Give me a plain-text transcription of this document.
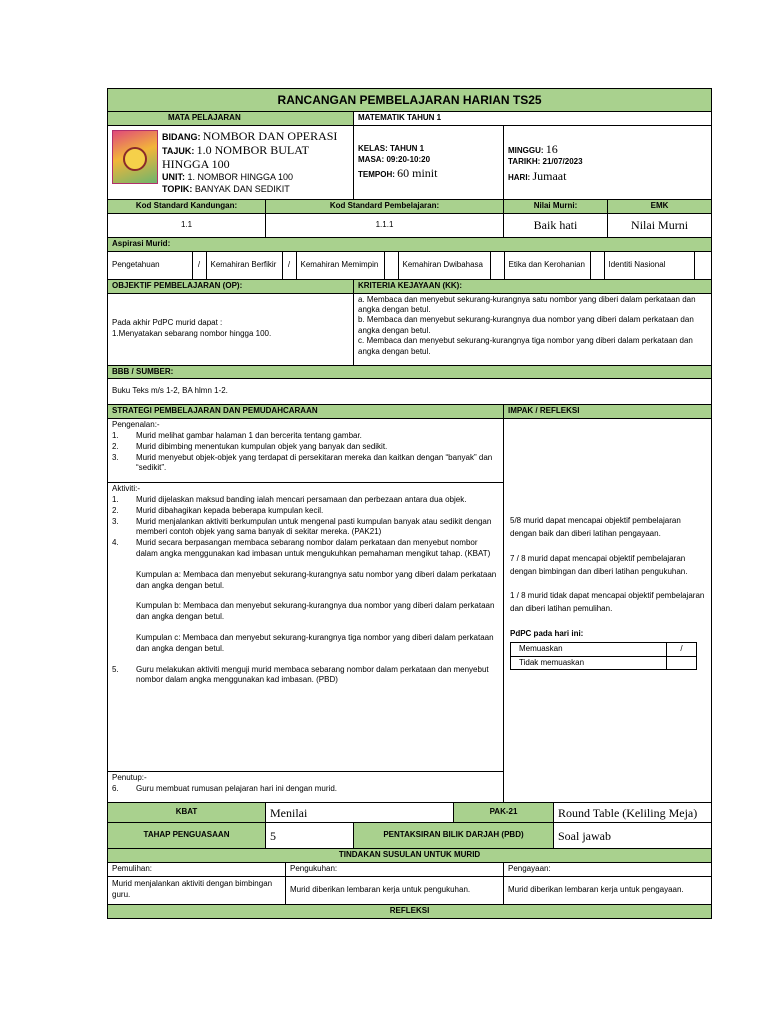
RANCANGAN PEMBELAJARAN HARIAN TS25
MATA PELAJARAN	MATEMATIK TAHUN 1

BIDANG: NOMBOR DAN OPERASI
TAJUK: 1.0 NOMBOR BULAT HINGGA 100
UNIT: 1. NOMBOR HINGGA 100
TOPIK: BANYAK DAN SEDIKIT

KELAS: TAHUN 1
MASA: 09:20-10:20
TEMPOH: 60 minit

MINGGU: 16
TARIKH: 21/07/2023
HARI: Jumaat

Kod Standard Kandungan:	Kod Standard Pembelajaran:	Nilai Murni:	EMK
1.1	1.1.1	Baik hati	Nilai Murni
Aspirasi Murid:

Pengetahuan	/	Kemahiran Berfikir	/	Kemahiran Memimpin		Kemahiran Dwibahasa		Etika dan Kerohanian		Identiti Nasional	

OBJEKTIF PEMBELAJARAN (OP):	KRITERIA KEJAYAAN (KK):

Pada akhir PdPC murid dapat :
1.Menyatakan sebarang nombor hingga 100.

a. Membaca dan menyebut sekurang-kurangnya satu nombor yang diberi dalam perkataan dan angka dengan betul.
b. Membaca dan menyebut sekurang-kurangnya dua nombor yang diberi dalam perkataan dan angka dengan betul.
c. Membaca dan menyebut sekurang-kurangnya tiga nombor yang diberi dalam perkataan dan angka dengan betul.

BBB / SUMBER:
Buku Teks m/s 1-2, BA hlmn 1-2.
STRATEGI PEMBELAJARAN DAN PEMUDAHCARAAN	IMPAK / REFLEKSI

Pengenalan:-
1.	Murid melihat gambar halaman 1 dan bercerita tentang gambar.
2.	Murid dibimbing menentukan kumpulan objek yang banyak dan sedikit.
3.	Murid menyebut objek-objek yang terdapat di persekitaran mereka dan kaitkan dengan “banyak” dan “sedikit”.
Aktiviti:-
1.	Murid dijelaskan maksud banding ialah mencari persamaan dan perbezaan antara dua objek.
2.	Murid dibahagikan kepada beberapa kumpulan kecil.
3.	Murid menjalankan aktiviti berkumpulan untuk mengenal pasti kumpulan banyak atau sedikit dengan memberi contoh objek yang sama banyak di sekitar mereka. (PAK21)
4.	Murid secara berpasangan membaca sebarang nombor dalam perkataan dan menyebut nombor dalam angka menggunakan kad imbasan untuk mengukuhkan pemahaman mengikut tahap. (KBAT)
Kumpulan a: Membaca dan menyebut sekurang-kurangnya satu nombor yang diberi dalam perkataan dan angka dengan betul.
Kumpulan b: Membaca dan menyebut sekurang-kurangnya dua nombor yang diberi dalam perkataan dan angka dengan betul.
Kumpulan c: Membaca dan menyebut sekurang-kurangnya tiga nombor yang diberi dalam perkataan dan angka dengan betul.
5.	Guru melakukan aktiviti menguji murid membaca sebarang nombor dalam perkataan dan menyebut nombor dalam angka menggunakan kad imbasan. (PBD)
Penutup:-
6.	Guru membuat rumusan pelajaran hari ini dengan murid.

5/8 murid dapat mencapai objektif pembelajaran dengan baik dan diberi latihan pengayaan.
7 / 8 murid dapat mencapai objektif pembelajaran dengan bimbingan dan diberi latihan pengukuhan.
1 / 8 murid tidak dapat mencapai objektif pembelajaran dan diberi latihan pemulihan.
PdPC pada hari ini:
Memuaskan	/
Tidak memuaskan	

KBAT	Menilai	PAK-21	Round Table (Keliling Meja)
TAHAP PENGUASAAN	5	PENTAKSIRAN BILIK DARJAH (PBD)	Soal jawab
TINDAKAN SUSULAN UNTUK MURID
Pemulihan:	Pengukuhan:	Pengayaan:
Murid menjalankan aktiviti dengan bimbingan guru.	Murid diberikan lembaran kerja untuk pengukuhan.	Murid diberikan lembaran kerja untuk pengayaan.
REFLEKSI
